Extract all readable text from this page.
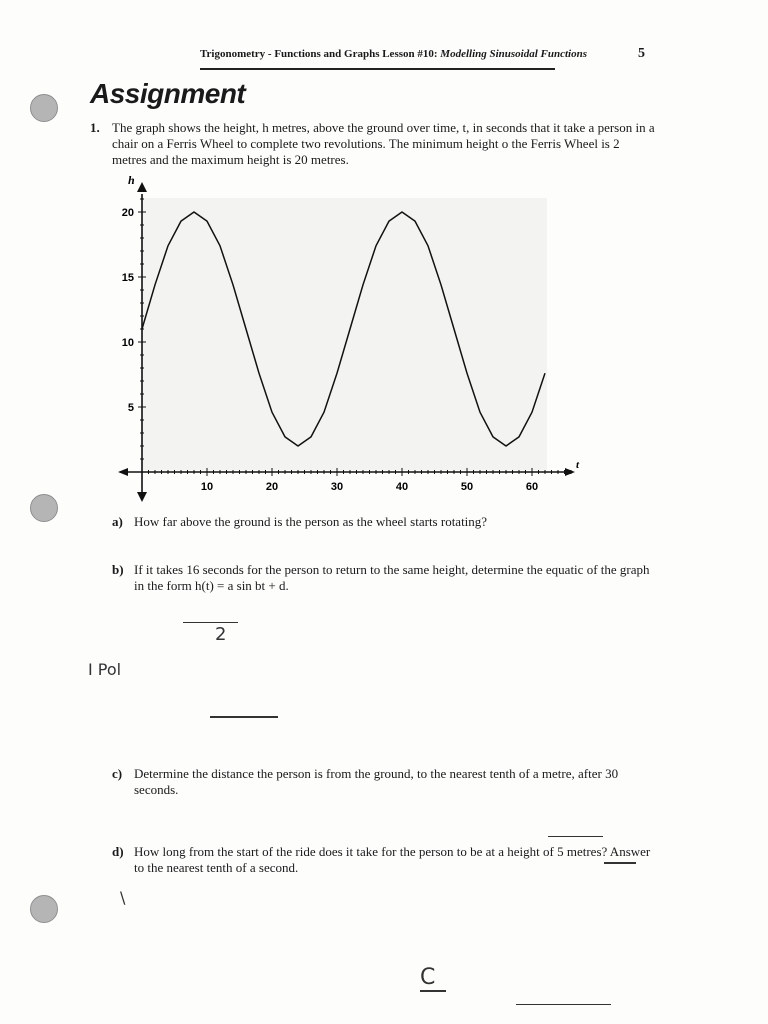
Trigonometry - Functions and Graphs Lesson #10: Modelling Sinusoidal Functions	5
Assignment
1. The graph shows the height, h metres, above the ground over time, t, in seconds that it take a person in a chair on a Ferris Wheel to complete two revolutions. The minimum height o the Ferris Wheel is 2 metres and the maximum height is 20 metres.
10	20	30	40	50	60
5
10
15
20
h
t
a) How far above the ground is the person as the wheel starts rotating?
b) If it takes 16 seconds for the person to return to the same height, determine the equatic of the graph in the form h(t) = a sin bt + d.
c) Determine the distance the person is from the ground, to the nearest tenth of a metre, after 30 seconds.
d) How long from the start of the ride does it take for the person to be at a height of 5 metres? Answer to the nearest tenth of a second.
2
I Pol
\
C
